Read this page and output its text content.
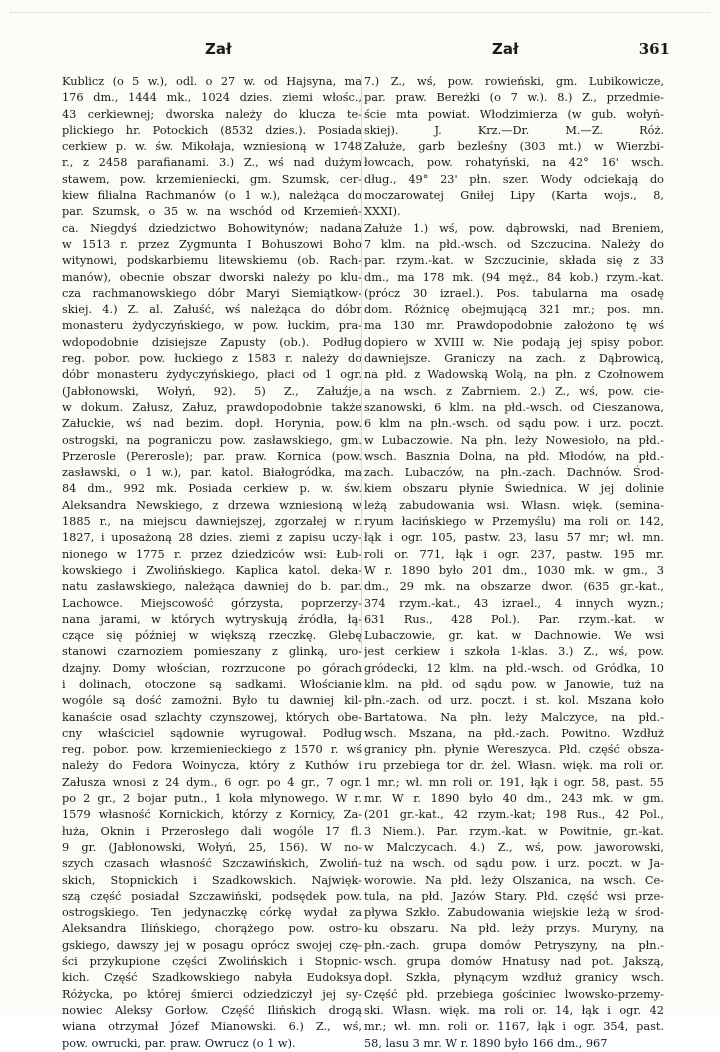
Zał	Zał	361
Kublicz (o 5 w.), odl. o 27 w. od Hajsyna, ma
176 dm., 1444 mk., 1024 dzies. ziemi włośc.,
43 cerkiewnej; dworska należy do klucza te-
plickiego hr. Potockich (8532 dzies.). Posiada
cerkiew p. w. św. Mikołaja, wzniesioną w 1748
r., z 2458 parafianami. 3.) Z., wś nad dużym
stawem, pow. krzemieniecki, gm. Szumsk, cer-
kiew filialna Rachmanów (o 1 w.), należąca do
par. Szumsk, o 35 w. na wschód od Krzemień-
ca. Niegdyś dziedzictwo Bohowitynów; nadana
w 1513 r. przez Zygmunta I Bohuszowi Boho
witynowi, podskarbiemu litewskiemu (ob. Rach-
manów), obecnie obszar dworski należy po klu-
cza rachmanowskiego dóbr Maryi Siemiątkow-
skiej. 4.) Z. al. Załuść, wś należąca do dóbr
monasteru żydyczyńskiego, w pow. łuckim, pra-
wdopodobnie dzisiejsze Zapusty (ob.). Podług
reg. pobor. pow. łuckiego z 1583 r. należy do
dóbr monasteru żydyczyńskiego, płaci od 1 ogr.
(Jabłonowski, Wołyń, 92). 5) Z., Załuźje,
w dokum. Załusz, Załuz, prawdopodobnie także
Załuckie, wś nad bezim. dopł. Horynia, pow.
ostrogski, na pograniczu pow. zasławskiego, gm.
Przerosle (Pererosle); par. praw. Kornica (pow.
zasławski, o 1 w.), par. katol. Białogródka, ma
84 dm., 992 mk. Posiada cerkiew p. w. św.
Aleksandra Newskiego, z drzewa wzniesioną w
1885 r., na miejscu dawniejszej, zgorzałej w r.
1827, i uposażoną 28 dzies. ziemi z zapisu uczy-
nionego w 1775 r. przez dziedziców wsi: Łub-
kowskiego i Zwolińskiego. Kaplica katol. deka-
natu zasławskiego, należąca dawniej do b. par.
Lachowce. Miejscowość górzysta, poprzerzy-
nana jarami, w których wytryskują źródła, łą-
czące się później w większą rzeczkę. Glebę
stanowi czarnoziem pomieszany z glinką, uro-
dzajny. Domy włościan, rozrzucone po górach
i dolinach, otoczone są sadkami. Włościanie
wogóle są dość zamożni. Było tu dawniej kil-
kanaście osad szlachty czynszowej, których obe-
cny właściciel sądownie wyrugował. Podług
reg. pobor. pow. krzemienieckiego z 1570 r. wś
należy do Fedora Woinycza, który z Kuthów i
Załusza wnosi z 24 dym., 6 ogr. po 4 gr., 7 ogr.
po 2 gr., 2 bojar putn., 1 koła młynowego. W r.
1579 własność Kornickich, którzy z Kornicy, Za-
łuża, Oknin i Przerosłego dali wogóle 17 fl.
9 gr. (Jabłonowski, Wołyń, 25, 156). W no-
szych czasach własność Szczawińskich, Zwoliń-
skich, Stopnickich i Szadkowskich. Najwięk-
szą część posiadał Szczawiński, podsędek pow.
ostrogskiego. Ten jedynaczkę córkę wydał za
Aleksandra Ilińskiego, chorążego pow. ostro-
gskiego, dawszy jej w posagu oprócz swojej czę-
ści przykupione części Zwolińskich i Stopnic-
kich. Część Szadkowskiego nabyła Eudoksya
Różycka, po której śmierci odziedziczył jej sy-
nowiec Aleksy Gorłow. Część Ilińskich drogą
wiana otrzymał Józef Mianowski. 6.) Z., wś,
pow. owrucki, par. praw. Owrucz (o 1 w).
7.) Z., wś, pow. rowieński, gm. Lubikowicze,
par. praw. Bereżki (o 7 w.). 8.) Z., przedmie-
ście mta powiat. Włodzimierza (w gub. wołyń-
skiej). J. Krz.—Dr. M.—Z. Róż.
Załuże, garb bezleśny (303 mt.) w Wierzbi-
łowcach, pow. rohatyński, na 42° 16' wsch.
dług., 49° 23' płn. szer. Wody odciekają do
moczarowatej Gniłej Lipy (Karta wojs., 8,
XXXI).
Załuże 1.) wś, pow. dąbrowski, nad Breniem,
7 klm. na płd.-wsch. od Szczucina. Należy do
par. rzym.-kat. w Szczucinie, składa się z 33
dm., ma 178 mk. (94 męż., 84 kob.) rzym.-kat.
(prócz 30 izrael.). Pos. tabularna ma osadę
dom. Różnicę obejmującą 321 mr.; pos. mn.
ma 130 mr. Prawdopodobnie założono tę wś
dopiero w XVIII w. Nie podają jej spisy pobor.
dawniejsze. Graniczy na zach. z Dąbrowicą,
na płd. z Wadowską Wolą, na płn. z Czołnowem
a na wsch. z Zabrniem. 2.) Z., wś, pow. cie-
szanowski, 6 klm. na płd.-wsch. od Cieszanowa,
6 klm na płn.-wsch. od sądu pow. i urz. poczt.
w Lubaczowie. Na płn. leży Nowesioło, na płd.-
wsch. Basznia Dolna, na płd. Młodów, na płd.-
zach. Lubaczów, na płn.-zach. Dachnów. Środ-
kiem obszaru płynie Świednica. W jej dolinie
leżą zabudowania wsi. Własn. więk. (semina-
ryum łacińskiego w Przemyślu) ma roli or. 142,
łąk i ogr. 105, pastw. 23, lasu 57 mr; wł. mn.
roli or. 771, łąk i ogr. 237, pastw. 195 mr.
W r. 1890 było 201 dm., 1030 mk. w gm., 3
dm., 29 mk. na obszarze dwor. (635 gr.-kat.,
374 rzym.-kat., 43 izrael., 4 innych wyzn.;
631 Rus., 428 Pol.). Par. rzym.-kat. w
Lubaczowie, gr. kat. w Dachnowie. We wsi
jest cerkiew i szkoła 1-klas. 3.) Z., wś, pow.
gródecki, 12 klm. na płd.-wsch. od Gródka, 10
klm. na płd. od sądu pow. w Janowie, tuż na
płn.-zach. od urz. poczt. i st. kol. Mszana koło
Bartatowa. Na płn. leży Malczyce, na płd.-
wsch. Mszana, na płd.-zach. Powitno. Wzdłuż
granicy płn. płynie Wereszyca. Płd. część obsza-
ru przebiega tor dr. żel. Własn. więk. ma roli or.
1 mr.; wł. mn roli or. 191, łąk i ogr. 58, past. 55
mr. W r. 1890 było 40 dm., 243 mk. w gm.
(201 gr.-kat., 42 rzym.-kat; 198 Rus., 42 Pol.,
3 Niem.). Par. rzym.-kat. w Powitnie, gr.-kat.
w Malczycach. 4.) Z., wś, pow. jaworowski,
tuż na wsch. od sądu pow. i urz. poczt. w Ja-
worowie. Na płd. leży Olszanica, na wsch. Ce-
tula, na płd. Jazów Stary. Płd. część wsi prze-
pływa Szkło. Zabudowania wiejskie leżą w środ-
ku obszaru. Na płd. leży przys. Muryny, na
płn.-zach. grupa domów Petryszyny, na płn.-
wsch. grupa domów Hnatusy nad pot. Jakszą,
dopł. Szkła, płynącym wzdłuż granicy wsch.
Część płd. przebiega gościniec lwowsko-przemy-
ski. Własn. więk. ma roli or. 14, łąk i ogr. 42
mr.; wł. mn. roli or. 1167, łąk i ogr. 354, past.
58, lasu 3 mr. W r. 1890 było 166 dm., 967
